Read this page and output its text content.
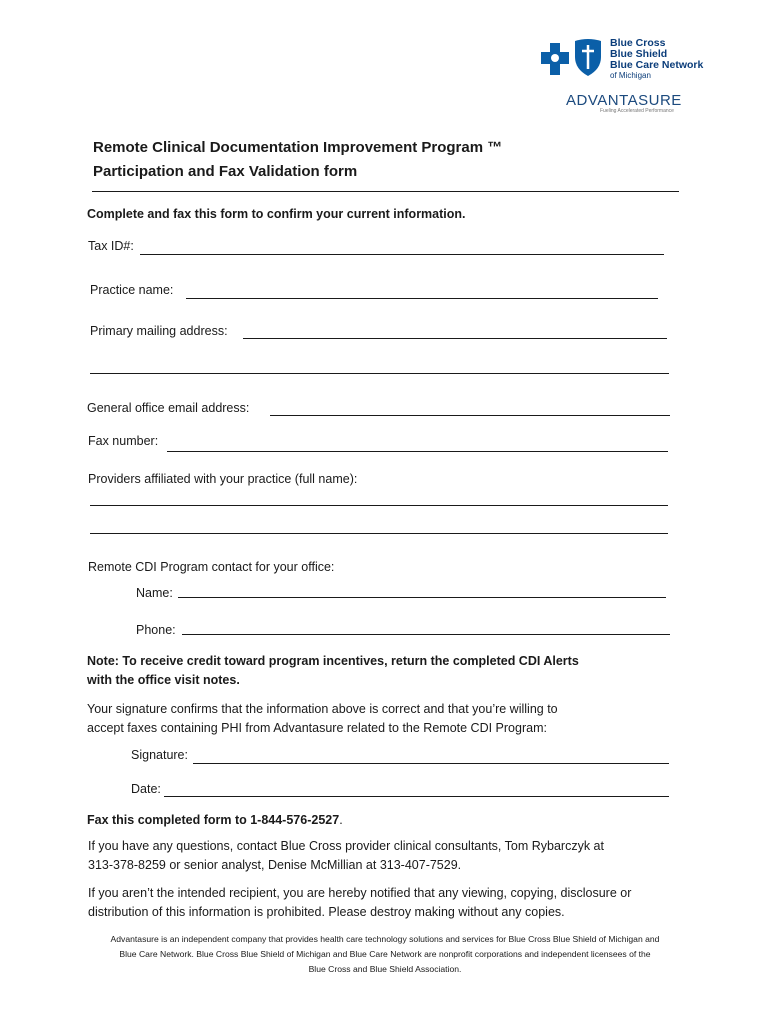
Blue Cross
Blue Shield
Blue Care Network
of Michigan
ADVANTASURE
Fueling Accelerated Performance
Remote Clinical Documentation Improvement Program ™
Participation and Fax Validation form
Complete and fax this form to confirm your current information.
Tax ID#:
Practice name:
Primary mailing address:
General office email address:
Fax number:
Providers affiliated with your practice (full name):
Remote CDI Program contact for your office:
Name:
Phone:
Note: To receive credit toward program incentives, return the completed CDI Alerts
with the office visit notes.
Your signature confirms that the information above is correct and that you’re willing to
accept faxes containing PHI from Advantasure related to the Remote CDI Program:
Signature:
Date:
Fax this completed form to 1-844-576-2527.
If you have any questions, contact Blue Cross provider clinical consultants, Tom Rybarczyk at
313-378-8259 or senior analyst, Denise McMillian at 313-407-7529.
If you aren’t the intended recipient, you are hereby notified that any viewing, copying, disclosure or
distribution of this information is prohibited. Please destroy making without any copies.
Advantasure is an independent company that provides health care technology solutions and services for Blue Cross Blue Shield of Michigan and
Blue Care Network. Blue Cross Blue Shield of Michigan and Blue Care Network are nonprofit corporations and independent licensees of the
Blue Cross and Blue Shield Association.
